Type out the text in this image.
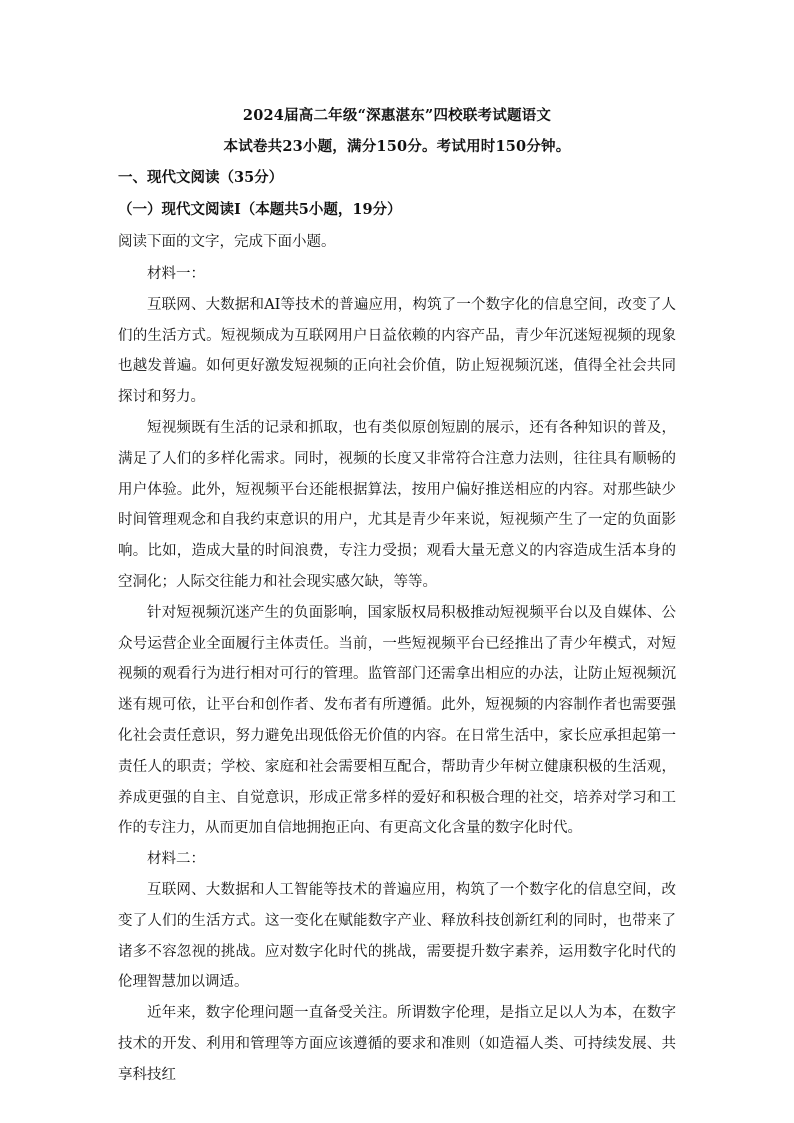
2024届高二年级“深惠湛东”四校联考试题语文
本试卷共23小题，满分150分。考试用时150分钟。
一、现代文阅读（35分）
（一）现代文阅读Ⅰ（本题共5小题，19分）
阅读下面的文字，完成下面小题。

材料一：

互联网、大数据和AI等技术的普遍应用，构筑了一个数字化的信息空间，改变了人们的生活方式。短视频成为互联网用户日益依赖的内容产品，青少年沉迷短视频的现象也越发普遍。如何更好激发短视频的正向社会价值，防止短视频沉迷，值得全社会共同探讨和努力。

短视频既有生活的记录和抓取，也有类似原创短剧的展示，还有各种知识的普及，满足了人们的多样化需求。同时，视频的长度又非常符合注意力法则，往往具有顺畅的用户体验。此外，短视频平台还能根据算法，按用户偏好推送相应的内容。对那些缺少时间管理观念和自我约束意识的用户，尤其是青少年来说，短视频产生了一定的负面影响。比如，造成大量的时间浪费，专注力受损；观看大量无意义的内容造成生活本身的空洞化；人际交往能力和社会现实感欠缺，等等。

针对短视频沉迷产生的负面影响，国家版权局积极推动短视频平台以及自媒体、公众号运营企业全面履行主体责任。当前，一些短视频平台已经推出了青少年模式，对短视频的观看行为进行相对可行的管理。监管部门还需拿出相应的办法，让防止短视频沉迷有规可依，让平台和创作者、发布者有所遵循。此外，短视频的内容制作者也需要强化社会责任意识，努力避免出现低俗无价值的内容。在日常生活中，家长应承担起第一责任人的职责；学校、家庭和社会需要相互配合，帮助青少年树立健康积极的生活观，养成更强的自主、自觉意识，形成正常多样的爱好和积极合理的社交，培养对学习和工作的专注力，从而更加自信地拥抱正向、有更高文化含量的数字化时代。

材料二：

互联网、大数据和人工智能等技术的普遍应用，构筑了一个数字化的信息空间，改变了人们的生活方式。这一变化在赋能数字产业、释放科技创新红利的同时，也带来了诸多不容忽视的挑战。应对数字化时代的挑战，需要提升数字素养，运用数字化时代的伦理智慧加以调适。

近年来，数字伦理问题一直备受关注。所谓数字伦理，是指立足以人为本，在数字技术的开发、利用和管理等方面应该遵循的要求和准则（如造福人类、可持续发展、共享科技红
